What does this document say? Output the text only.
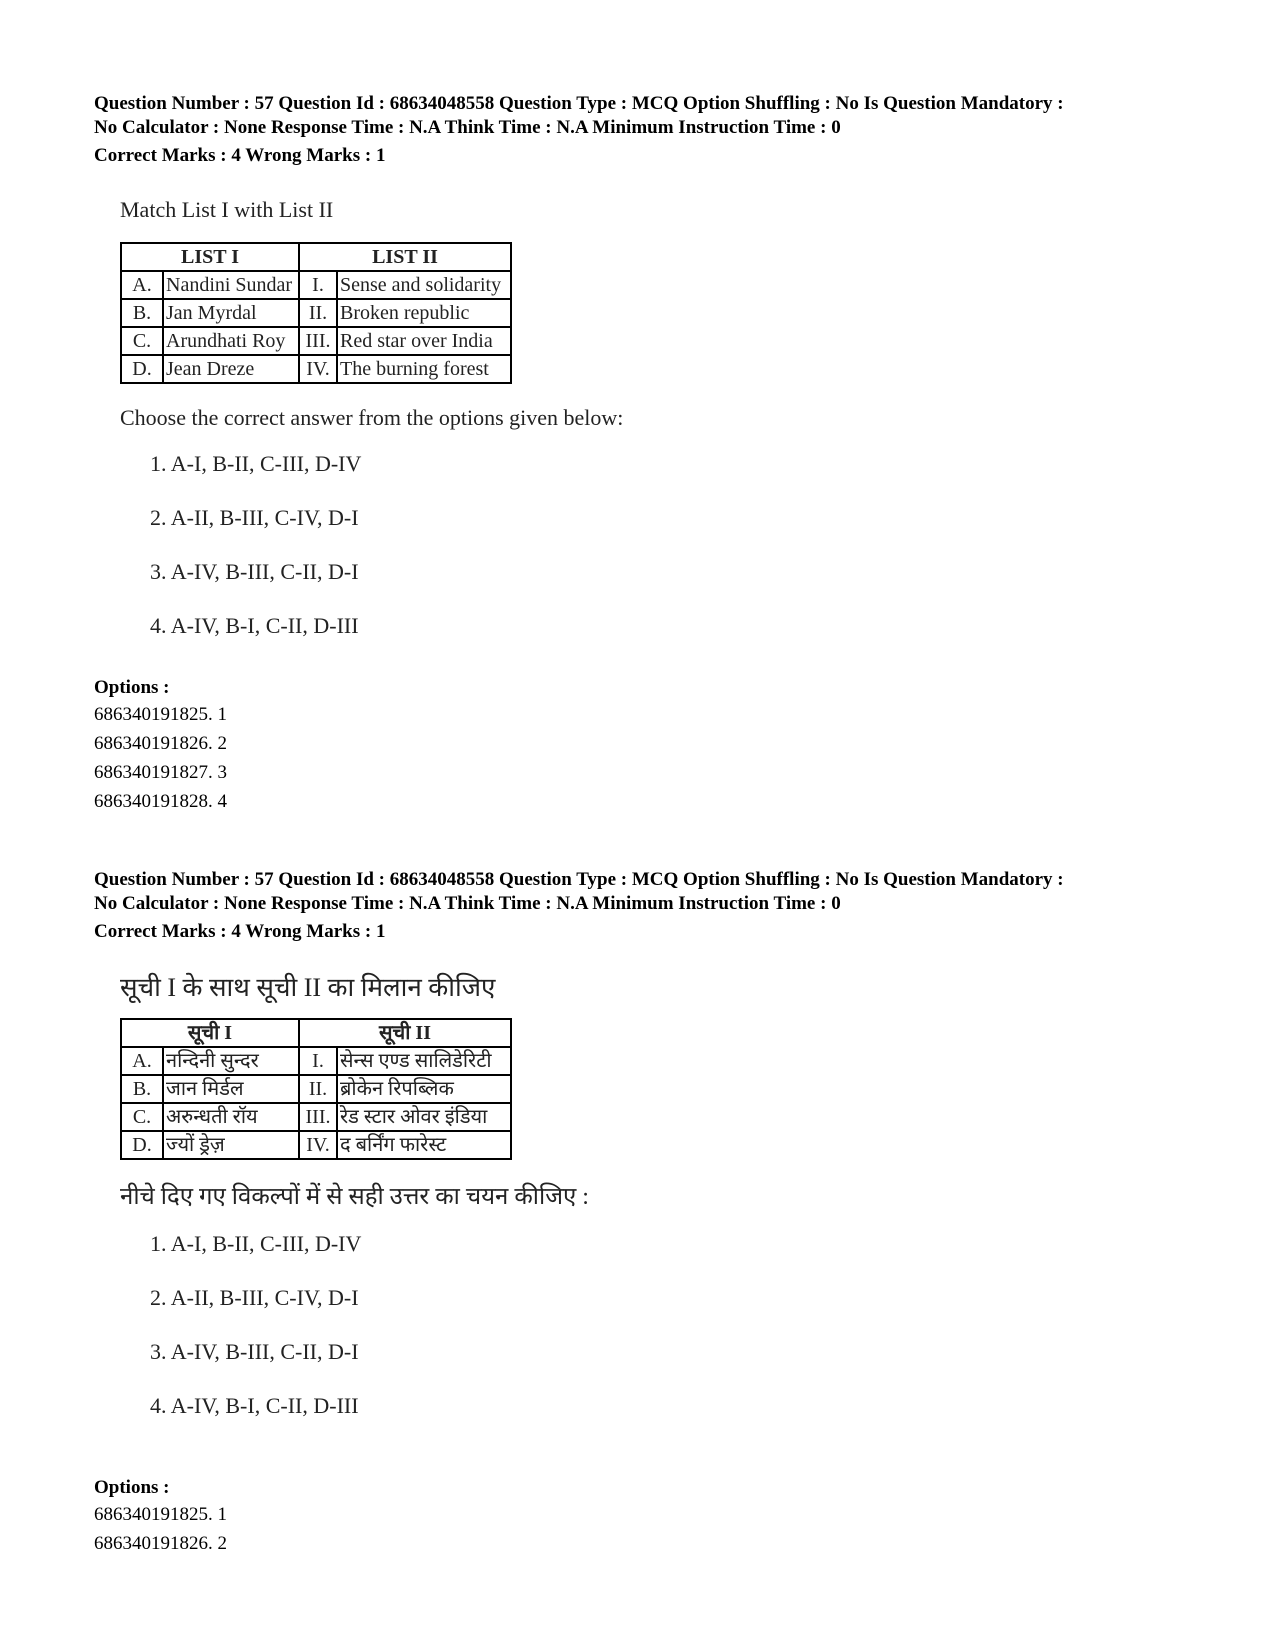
Question Number : 57 Question Id : 68634048558 Question Type : MCQ Option Shuffling : No Is Question Mandatory :

No Calculator : None Response Time : N.A Think Time : N.A Minimum Instruction Time : 0

Correct Marks : 4 Wrong Marks : 1

Match List I with List II

LIST I		LIST II	
A.	Nandini Sundar	I.	Sense and solidarity
B.	Jan Myrdal	II.	Broken republic
C.	Arundhati Roy	III.	Red star over India
D.	Jean Dreze	IV.	The burning forest

Choose the correct answer from the options given below:

1. A-I, B-II, C-III, D-IV
2. A-II, B-III, C-IV, D-I
3. A-IV, B-III, C-II, D-I
4. A-IV, B-I, C-II, D-III

Options :

686340191825. 1

686340191826. 2

686340191827. 3

686340191828. 4

Question Number : 57 Question Id : 68634048558 Question Type : MCQ Option Shuffling : No Is Question Mandatory :

No Calculator : None Response Time : N.A Think Time : N.A Minimum Instruction Time : 0

Correct Marks : 4 Wrong Marks : 1

सूची I के साथ सूची II का मिलान कीजिए

सूची I		सूची II	
A.	नन्दिनी सुन्दर	I.	सेन्स एण्ड सालिडेरिटी
B.	जान मिर्डल	II.	ब्रोकेन रिपब्लिक
C.	अरुन्धती रॉय	III.	रेड स्टार ओवर इंडिया
D.	ज्यों ड्रेज़	IV.	द बर्निंग फारेस्ट

नीचे दिए गए विकल्पों में से सही उत्तर का चयन कीजिए :

1. A-I, B-II, C-III, D-IV
2. A-II, B-III, C-IV, D-I
3. A-IV, B-III, C-II, D-I
4. A-IV, B-I, C-II, D-III

Options :

686340191825. 1

686340191826. 2
